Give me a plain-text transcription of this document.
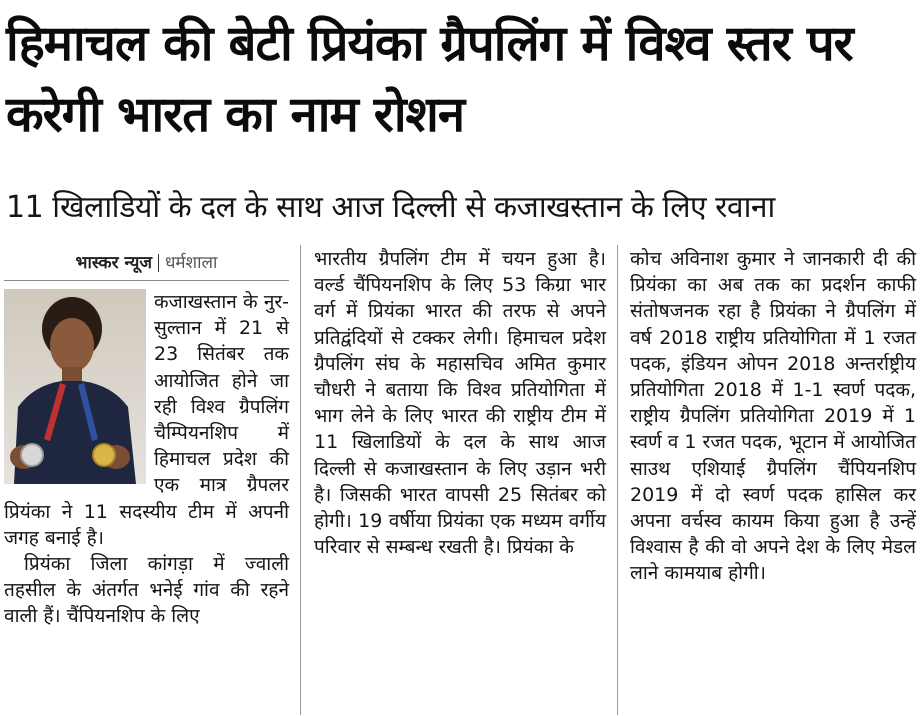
हिमाचल की बेटी प्रियंका ग्रैपलिंग में विश्व स्तर पर करेगी भारत का नाम रोशन
11 खिलाडियों के दल के साथ आज दिल्ली से कजाखस्तान के लिए रवाना
भास्कर न्यूज धर्मशाला

कजाखस्तान के नुर-सुल्तान में 21 से 23 सितंबर तक आयोजित होने जा रही विश्व ग्रैपलिंग चैम्पियनशिप में हिमाचल प्रदेश की एक मात्र ग्रैपलर प्रियंका ने 11 सदस्यीय टीम में अपनी जगह बनाई है।

प्रियंका जिला कांगड़ा में ज्वाली तहसील के अंतर्गत भनेई गांव की रहने वाली हैं। चैंपियनशिप के लिए

भारतीय ग्रैपलिंग टीम में चयन हुआ है। वर्ल्ड चैंपियनशिप के लिए 53 किग्रा भार वर्ग में प्रियंका भारत की तरफ से अपने प्रतिद्वंदियों से टक्कर लेगी। हिमाचल प्रदेश ग्रैपलिंग संघ के महासचिव अमित कुमार चौधरी ने बताया कि विश्व प्रतियोगिता में भाग लेने के लिए भारत की राष्ट्रीय टीम में 11 खिलाडियों के दल के साथ आज दिल्ली से कजाखस्तान के लिए उड़ान भरी है। जिसकी भारत वापसी 25 सितंबर को होगी। 19 वर्षीया प्रियंका एक मध्यम वर्गीय परिवार से सम्बन्ध रखती है। प्रियंका के

कोच अविनाश कुमार ने जानकारी दी की प्रियंका का अब तक का प्रदर्शन काफी संतोषजनक रहा है प्रियंका ने ग्रैपलिंग में वर्ष 2018 राष्ट्रीय प्रतियोगिता में 1 रजत पदक, इंडियन ओपन 2018 अन्तर्राष्ट्रीय प्रतियोगिता 2018 में 1-1 स्वर्ण पदक, राष्ट्रीय ग्रैपलिंग प्रतियोगिता 2019 में 1 स्वर्ण व 1 रजत पदक, भूटान में आयोजित साउथ एशियाई ग्रैपलिंग चैंपियनशिप 2019 में दो स्वर्ण पदक हासिल कर अपना वर्चस्व कायम किया हुआ है उन्हें विश्वास है की वो अपने देश के लिए मेडल लाने कामयाब होगी।
